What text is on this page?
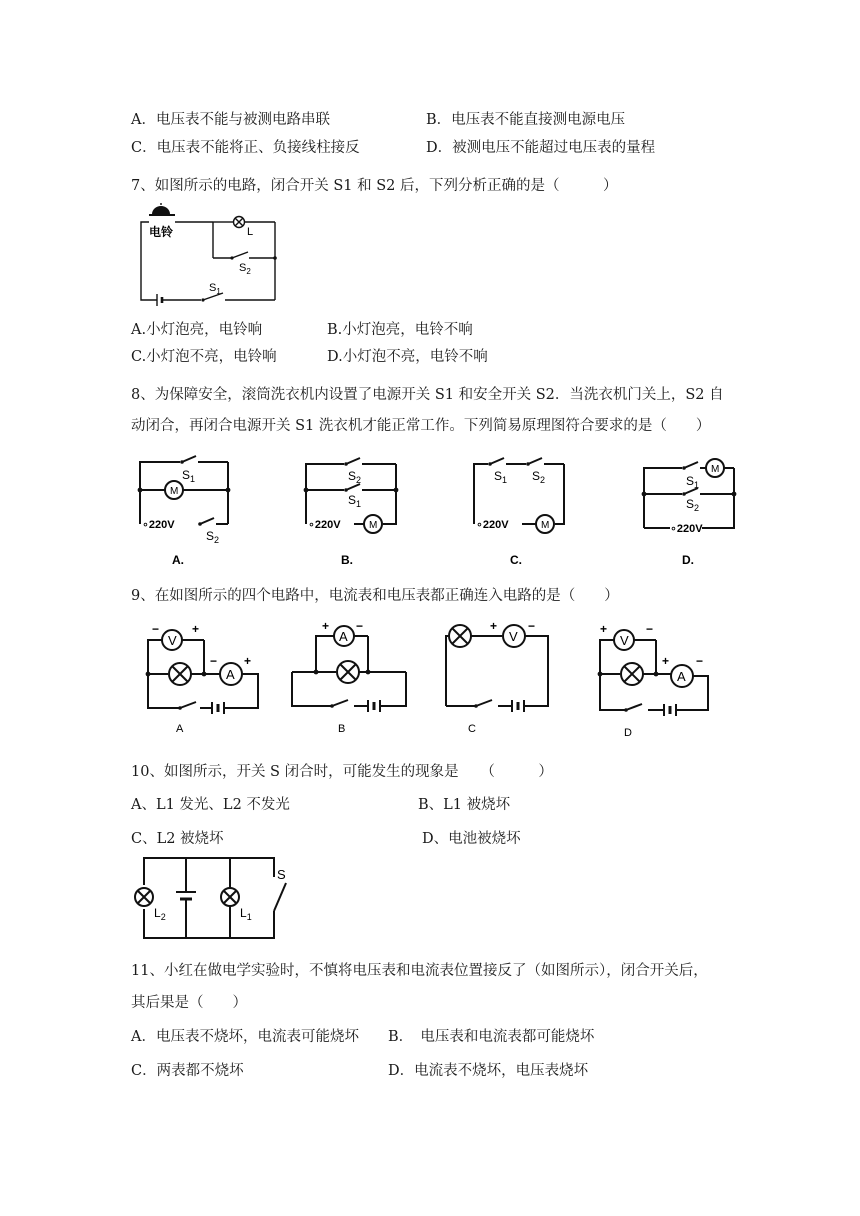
A．电压表不能与被测电路串联	B．电压表不能直接测电源电压
C．电压表不能将正、负接线柱接反	D．被测电压不能超过电压表的量程
7、如图所示的电路，闭合开关 S1 和 S2 后，下列分析正确的是（　　　）
电铃
$S_1$
$S_2$
L
A.小灯泡亮，电铃响	B.小灯泡亮，电铃不响
C.小灯泡不亮，电铃响	D.小灯泡不亮，电铃不响
8、为保障安全，滚筒洗衣机内设置了电源开关 S1 和安全开关 S2．当洗衣机门关上，S2 自
动闭合，再闭合电源开关 S1 洗衣机才能正常工作。下列简易原理图符合要求的是（　　）
$S_1$
M
∘220V
$S_2$
A.
$S_2$
$S_1$
∘220V	M
B.
$S_1$ $S_2$
∘220V	M
C.
M
$S_1$
$S_2$
∘220V
D.
9、在如图所示的四个电路中，电流表和电压表都正确连入电路的是（　　）
V
−	+
A
− +
A
A
+ −
B
V
+	−
C
V
+	−
A
+ −
D
10、如图所示，开关 S 闭合时，可能发生的现象是　　（　　　）
A、L1 发光、L2 不发光	B、L1 被烧坏
C、L2 被烧坏	D、电池被烧坏
$L_2$	$L_1$
S
11、小红在做电学实验时，不慎将电压表和电流表位置接反了（如图所示），闭合开关后，
其后果是（　　）
A．电压表不烧坏，电流表可能烧坏 B．　电压表和电流表都可能烧坏
C．两表都不烧坏	D．电流表不烧坏，电压表烧坏
